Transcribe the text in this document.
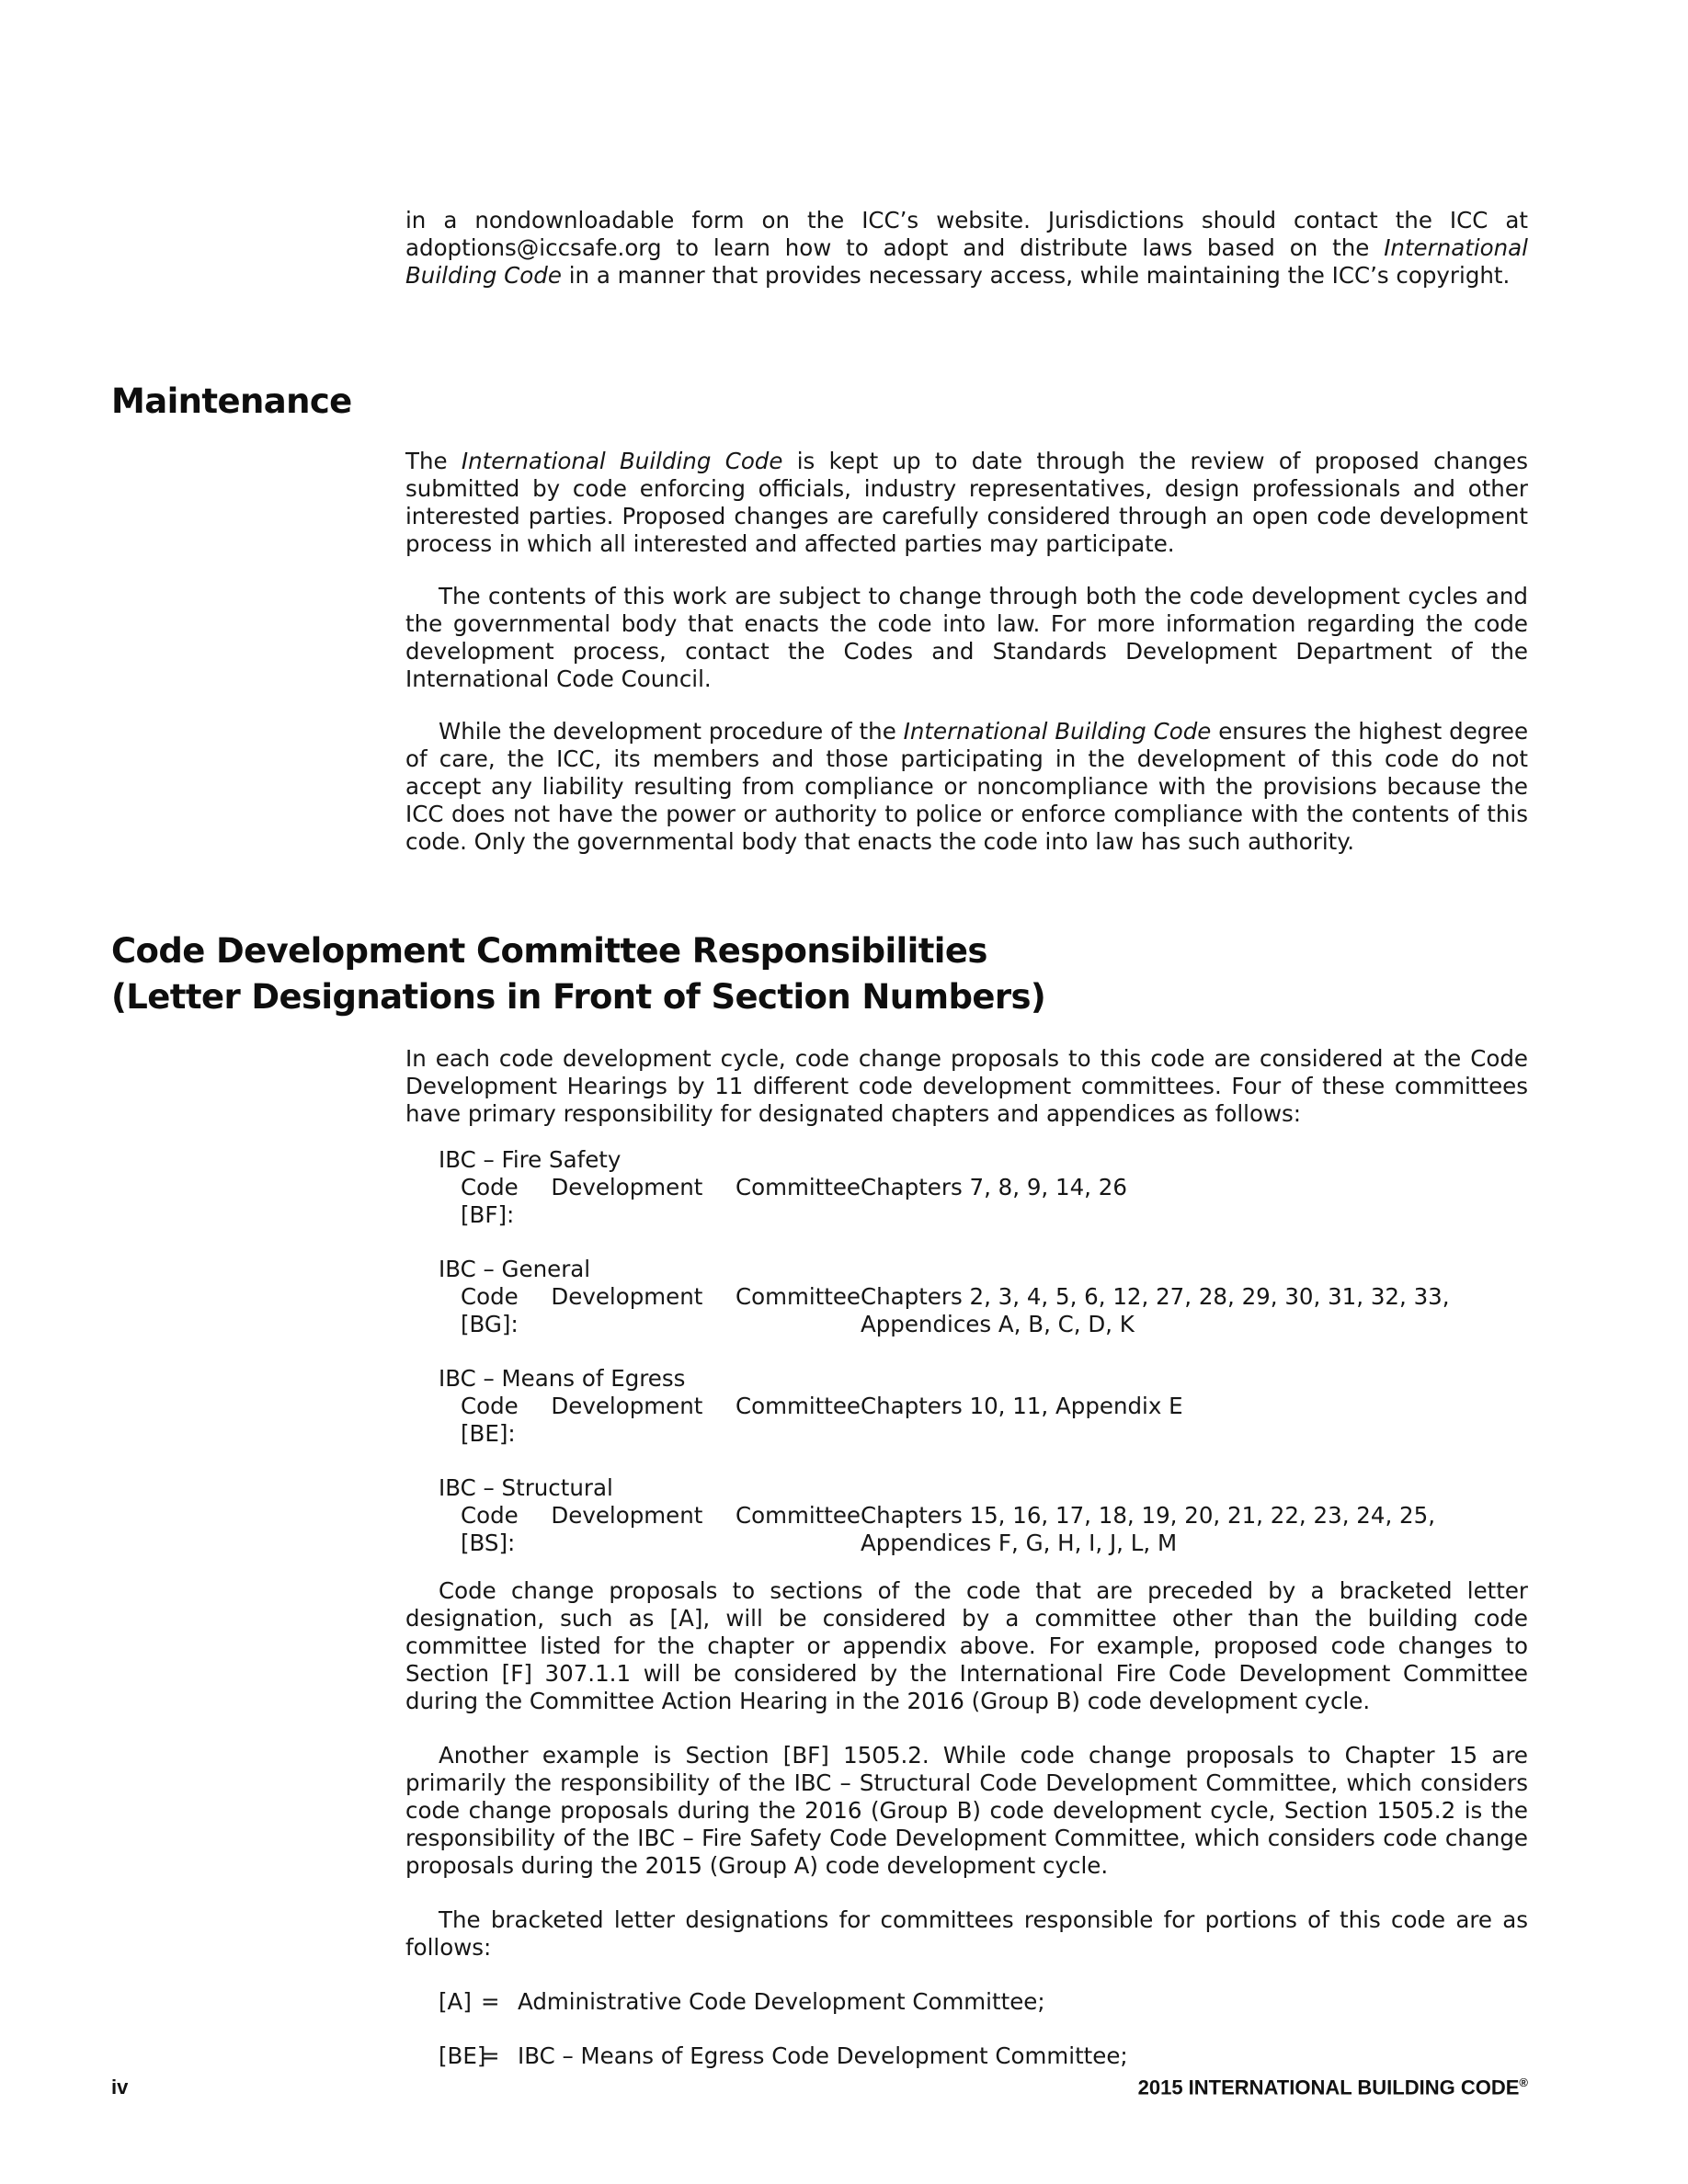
in a nondownloadable form on the ICC’s website. Jurisdictions should contact the ICC at adoptions@iccsafe.org to learn how to adopt and distribute laws based on the International Building Code in a manner that provides necessary access, while maintaining the ICC’s copyright.

Maintenance

The International Building Code is kept up to date through the review of proposed changes submitted by code enforcing officials, industry representatives, design professionals and other interested parties. Proposed changes are carefully considered through an open code development process in which all interested and affected parties may participate.

The contents of this work are subject to change through both the code development cycles and the governmental body that enacts the code into law. For more information regarding the code development process, contact the Codes and Standards Development Department of the International Code Council.

While the development procedure of the International Building Code ensures the highest degree of care, the ICC, its members and those participating in the development of this code do not accept any liability resulting from compliance or noncompliance with the provisions because the ICC does not have the power or authority to police or enforce compliance with the contents of this code. Only the governmental body that enacts the code into law has such authority.

Code Development Committee Responsibilities
(Letter Designations in Front of Section Numbers)

In each code development cycle, code change proposals to this code are considered at the Code Development Hearings by 11 different code development committees. Four of these committees have primary responsibility for designated chapters and appendices as follows:

IBC – Fire Safety
Code Development Committee [BF]:
Chapters 7, 8, 9, 14, 26
IBC – General
Code Development Committee [BG]:
Chapters 2, 3, 4, 5, 6, 12, 27, 28, 29, 30, 31, 32, 33,
Appendices A, B, C, D, K
IBC – Means of Egress
Code Development Committee [BE]:
Chapters 10, 11, Appendix E
IBC – Structural
Code Development Committee [BS]:
Chapters 15, 16, 17, 18, 19, 20, 21, 22, 23, 24, 25,
Appendices F, G, H, I, J, L, M

Code change proposals to sections of the code that are preceded by a bracketed letter designation, such as [A], will be considered by a committee other than the building code committee listed for the chapter or appendix above. For example, proposed code changes to Section [F] 307.1.1 will be considered by the International Fire Code Development Committee during the Committee Action Hearing in the 2016 (Group B) code development cycle.

Another example is Section [BF] 1505.2. While code change proposals to Chapter 15 are primarily the responsibility of the IBC – Structural Code Development Committee, which considers code change proposals during the 2016 (Group B) code development cycle, Section 1505.2 is the responsibility of the IBC – Fire Safety Code Development Committee, which considers code change proposals during the 2015 (Group A) code development cycle.

The bracketed letter designations for committees responsible for portions of this code are as follows:

[A] = Administrative Code Development Committee;
[BE]
= IBC – Means of Egress Code Development Committee;
iv	2015 INTERNATIONAL BUILDING CODE®
